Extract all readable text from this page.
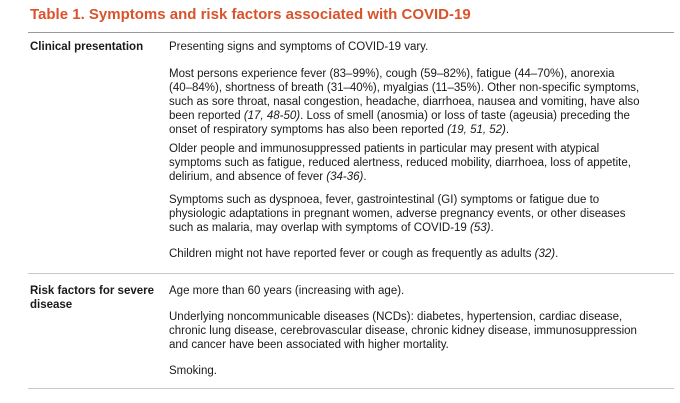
Table 1. Symptoms and risk factors associated with COVID-19
Clinical presentation	Presenting signs and symptoms of COVID-19 vary.
Most persons experience fever (83–99%), cough (59–82%), fatigue (44–70%), anorexia
(40–84%), shortness of breath (31–40%), myalgias (11–35%). Other non-specific symptoms,
such as sore throat, nasal congestion, headache, diarrhoea, nausea and vomiting, have also
been reported (17, 48-50). Loss of smell (anosmia) or loss of taste (ageusia) preceding the
onset of respiratory symptoms has also been reported (19, 51, 52).
Older people and immunosuppressed patients in particular may present with atypical
symptoms such as fatigue, reduced alertness, reduced mobility, diarrhoea, loss of appetite,
delirium, and absence of fever (34-36).
Symptoms such as dyspnoea, fever, gastrointestinal (GI) symptoms or fatigue due to
physiologic adaptations in pregnant women, adverse pregnancy events, or other diseases
such as malaria, may overlap with symptoms of COVID-19 (53).
Children might not have reported fever or cough as frequently as adults (32).
Risk factors for severe
disease
Age more than 60 years (increasing with age).
Underlying noncommunicable diseases (NCDs): diabetes, hypertension, cardiac disease,
chronic lung disease, cerebrovascular disease, chronic kidney disease, immunosuppression
and cancer have been associated with higher mortality.
Smoking.
